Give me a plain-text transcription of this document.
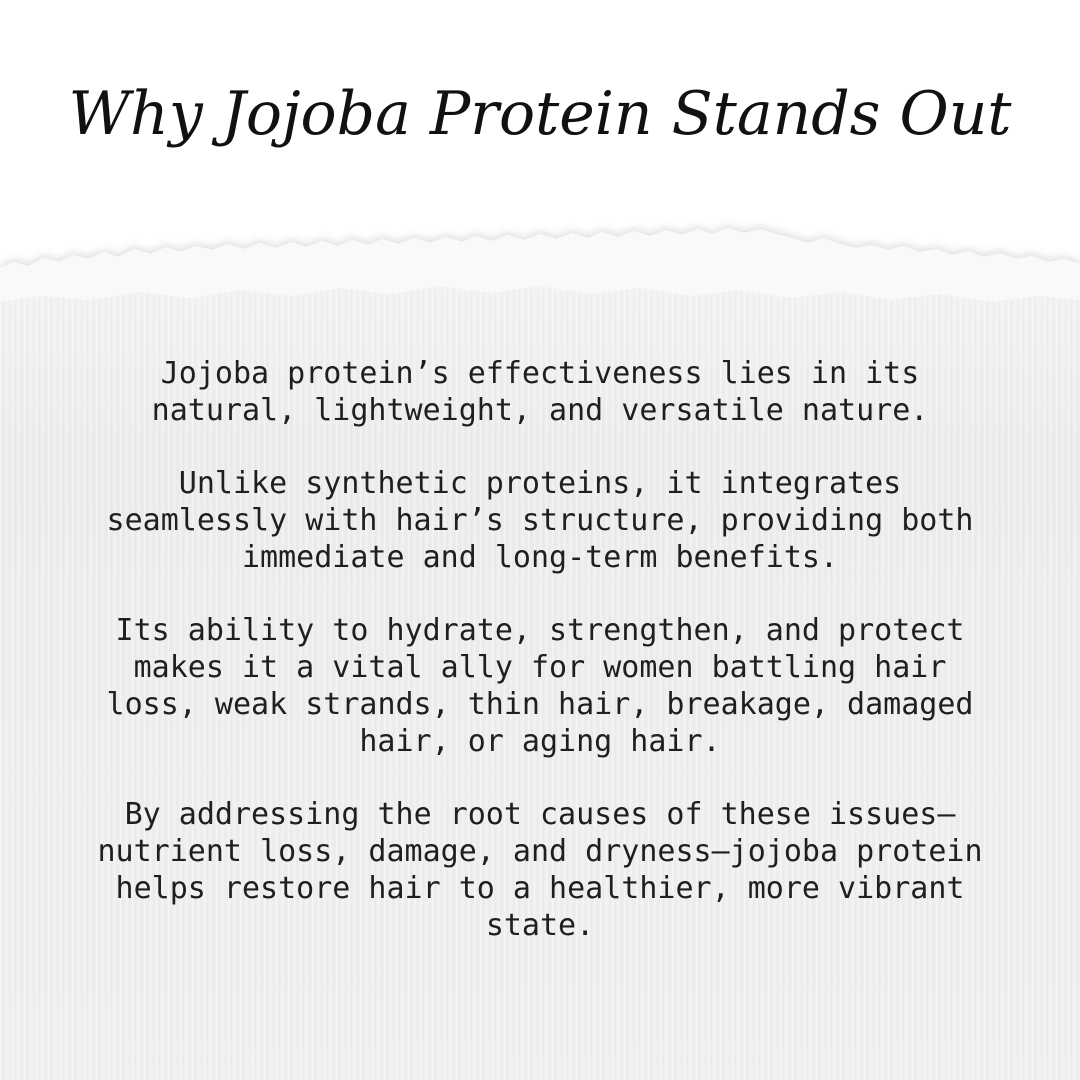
Why Jojoba Protein Stands Out

Jojoba protein’s effectiveness lies in its natural, lightweight, and versatile nature.

Unlike synthetic proteins, it integrates seamlessly with hair’s structure, providing both immediate and long-term benefits.

Its ability to hydrate, strengthen, and protect makes it a vital ally for women battling hair loss, weak strands, thin hair, breakage, damaged hair, or aging hair.

By addressing the root causes of these issues—nutrient loss, damage, and dryness—jojoba protein helps restore hair to a healthier, more vibrant state.
